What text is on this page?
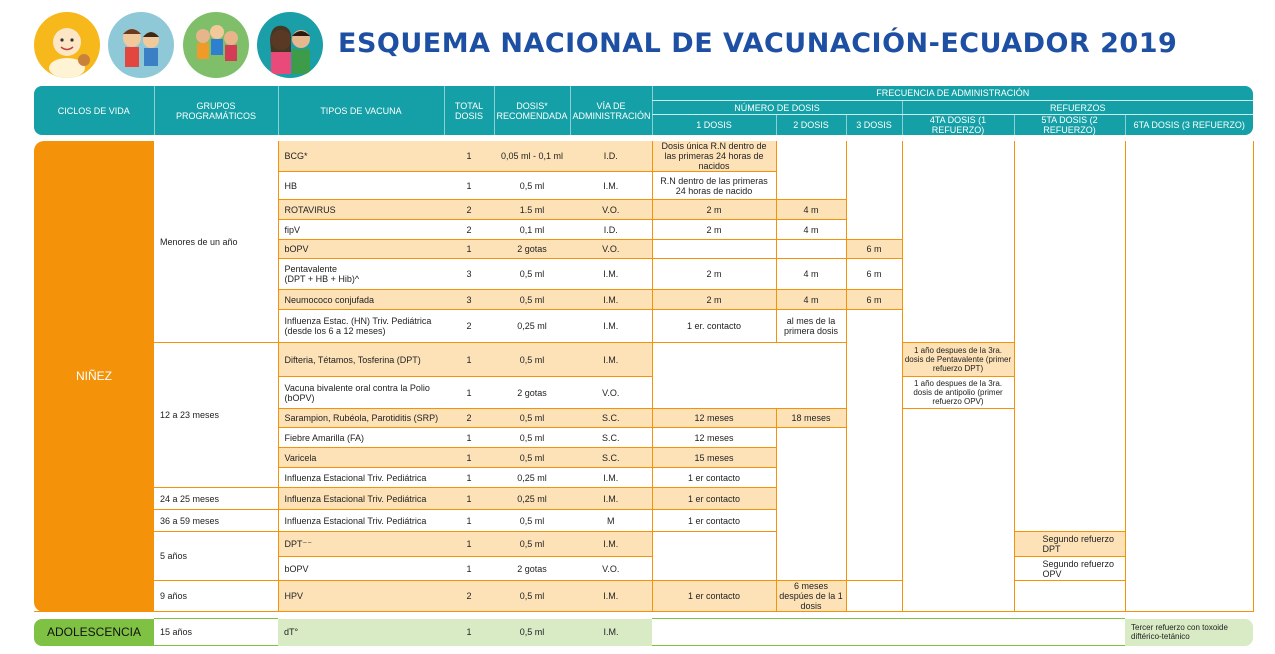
ESQUEMA NACIONAL DE VACUNACIÓN-ECUADOR 2019
CICLOS DE VIDA	GRUPOS PROGRAMÁTICOS	TIPOS DE VACUNA	TOTAL DOSIS	DOSIS* RECOMENDADA	VÍA DE ADMINISTRACIÓN	FRECUENCIA DE ADMINISTRACIÓN						
						NÚMERO DE DOSIS			REFUERZOS			
						1 DOSIS	2 DOSIS	3 DOSIS	4TA DOSIS (1 REFUERZO)	5TA DOSIS (2 REFUERZO)	6TA DOSIS (3 REFUERZO)	

NIÑEZ	Menores de un año	BCG*	1	0,05 ml - 0,1 ml	I.D.	Dosis única R.N dentro de las primeras 24 horas de nacidos						
		HB	1	0,5 ml	I.M.	R.N dentro de las primeras 24 horas de nacido						
		ROTAVIRUS	2	1.5 ml	V.O.	2 m	4 m					
		fipV	2	0,1 ml	I.D.	2 m	4 m					
		bOPV	1	2 gotas	V.O.			6 m				
		Pentavalente
(DPT + HB + Hib)^	3	0,5 ml	I.M.	2 m	4 m	6 m				
		Neumococo conjufada	3	0,5 ml	I.M.	2 m	4 m	6 m				
		Influenza Estac. (HN) Triv. Pediátrica (desde los 6 a 12 meses)	2	0,25 ml	I.M.	1 er. contacto	al mes de la primera dosis					
	12 a 23 meses	Difteria, Tétamos, Tosferina (DPT)	1	0,5 ml	I.M.				1 año despues de la 3ra. dosis de Pentavalente (primer refuerzo DPT)			
		Vacuna bivalente oral contra la Polio (bOPV)	1	2 gotas	V.O.				1 año despues de la 3ra. dosis de antipolio (primer refuerzo OPV)			
		Sarampion, Rubéola, Parotiditis (SRP)	2	0,5 ml	S.C.	12 meses	18 meses					
		Fiebre Amarilla (FA)	1	0,5 ml	S.C.	12 meses						
		Varicela	1	0,5 ml	S.C.	15 meses						
		Influenza Estacional Triv. Pediátrica	1	0,25 ml	I.M.	1 er contacto						
	24 a 25 meses	Influenza Estacional Triv. Pediátrica	1	0,25 ml	I.M.	1 er contacto						
	36 a 59 meses	Influenza Estacional Triv. Pediátrica	1	0,5 ml	M	1 er contacto						
	5 años	DPT⁻⁻	1	0,5 ml	I.M.					Segundo refuerzo DPT		
		bOPV	1	2 gotas	V.O.					Segundo refuerzo OPV		
	9 años	HPV	2	0,5 ml	I.M.	1 er contacto	6 meses despúes de la 1 dosis					

ADOLESCENCIA	15 años	dT°	1	0,5 ml	I.M.						Tercer refuerzo con toxoide diftérico-tetánico	
